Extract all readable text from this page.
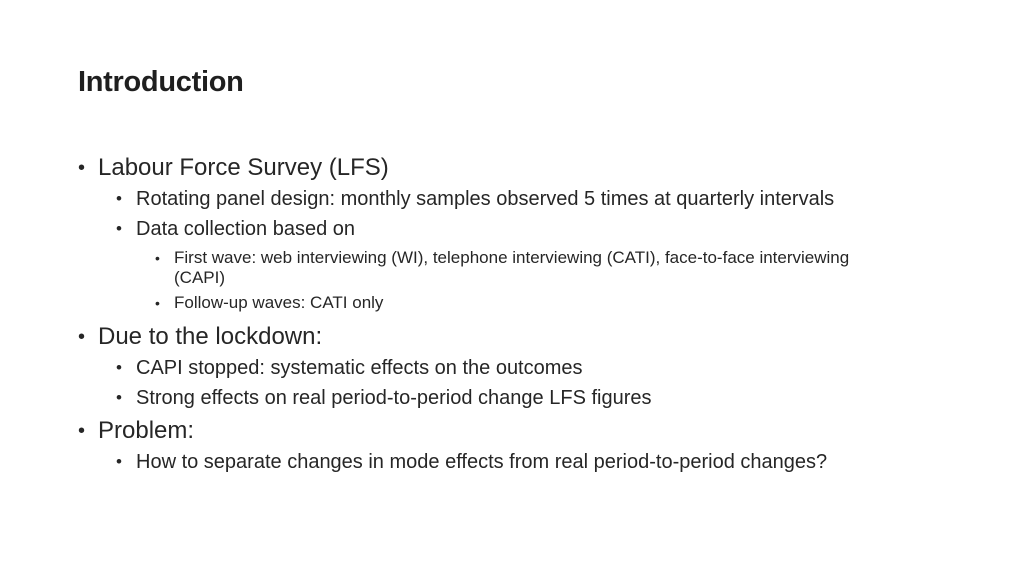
Introduction
• Labour Force Survey (LFS)
• Rotating panel design: monthly samples observed 5 times at quarterly intervals
• Data collection based on
• First wave: web interviewing (WI), telephone interviewing (CATI), face-to-face interviewing (CAPI)
• Follow-up waves: CATI only
• Due to the lockdown:
• CAPI stopped: systematic effects on the outcomes
• Strong effects on real period-to-period change LFS figures
• Problem:
• How to separate changes in mode effects from real period-to-period changes?
